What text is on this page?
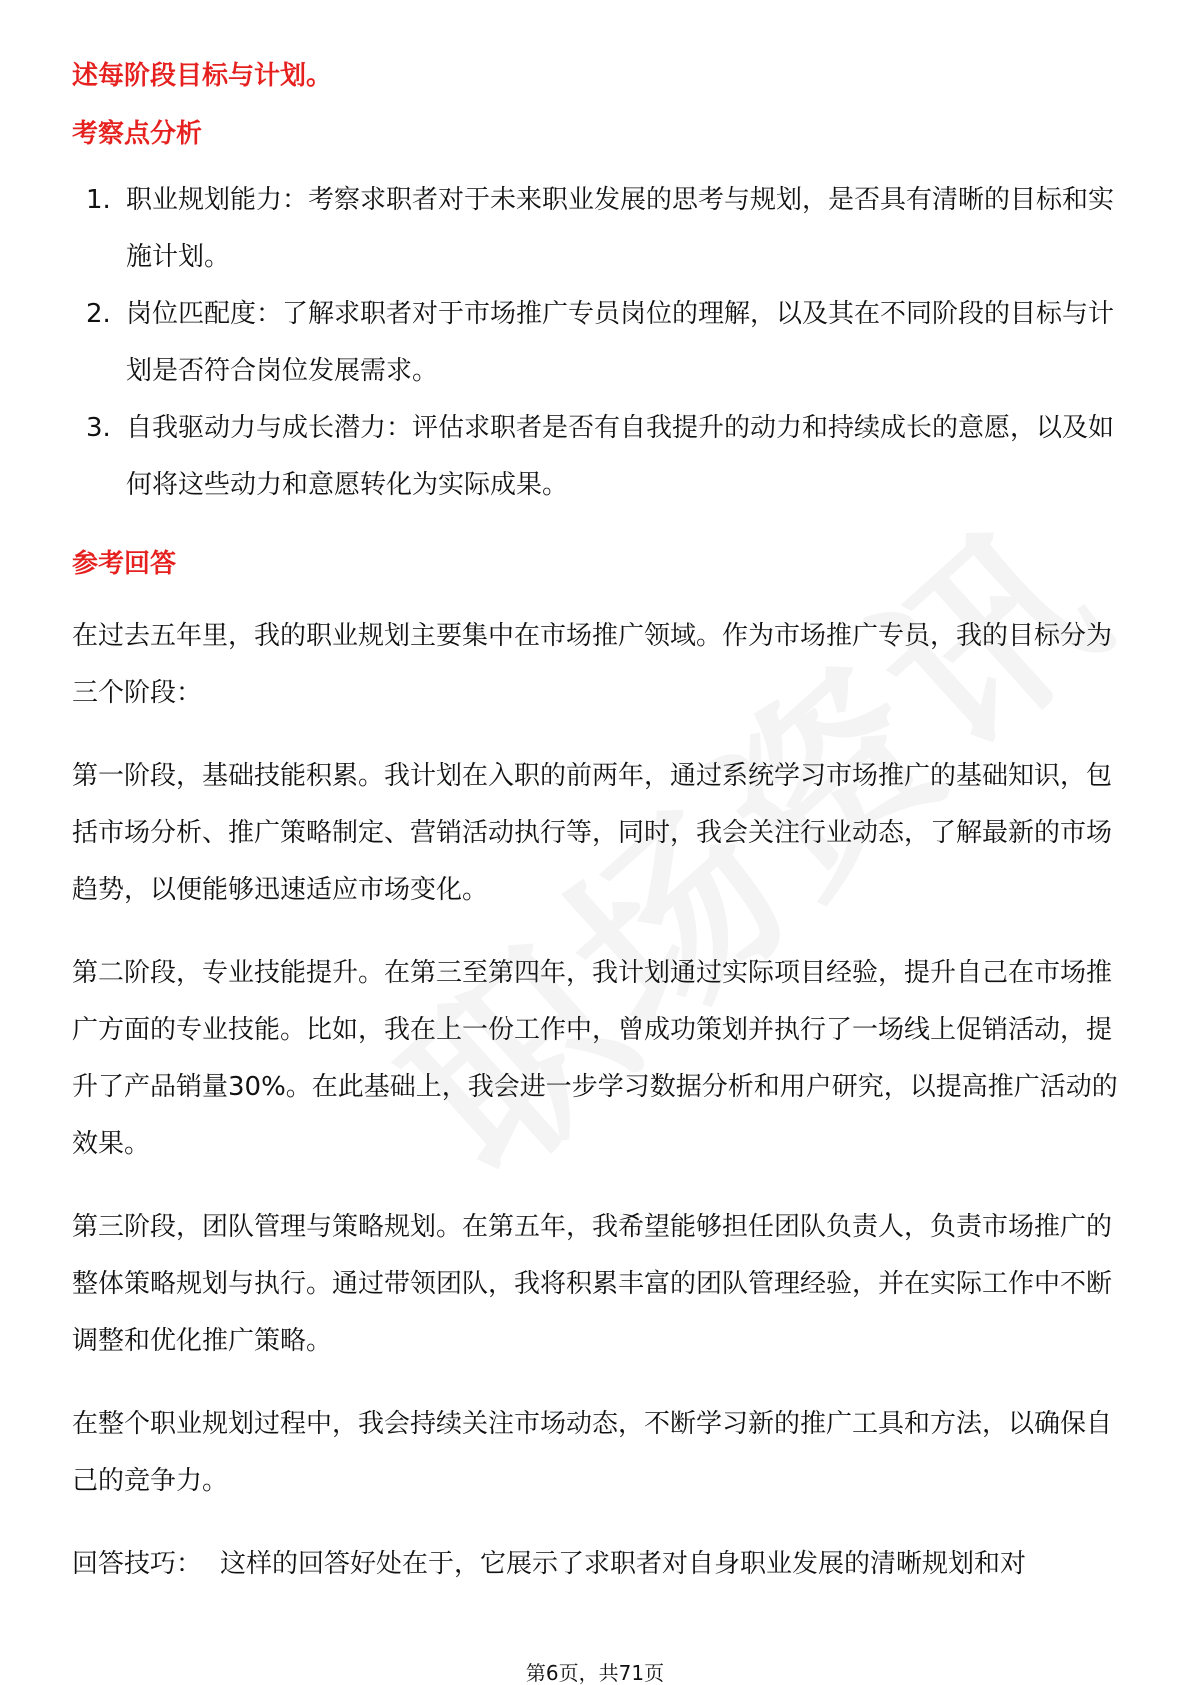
述每阶段目标与计划。
考察点分析
1. 职业规划能力：考察求职者对于未来职业发展的思考与规划，是否具有清晰的目标和实施计划。
2. 岗位匹配度：了解求职者对于市场推广专员岗位的理解，以及其在不同阶段的目标与计划是否符合岗位发展需求。
3. 自我驱动力与成长潜力：评估求职者是否有自我提升的动力和持续成长的意愿，以及如何将这些动力和意愿转化为实际成果。
参考回答

在过去五年里，我的职业规划主要集中在市场推广领域。作为市场推广专员，我的目标分为三个阶段：

第一阶段，基础技能积累。我计划在入职的前两年，通过系统学习市场推广的基础知识，包括市场分析、推广策略制定、营销活动执行等，同时，我会关注行业动态，了解最新的市场趋势，以便能够迅速适应市场变化。

第二阶段，专业技能提升。在第三至第四年，我计划通过实际项目经验，提升自己在市场推广方面的专业技能。比如，我在上一份工作中，曾成功策划并执行了一场线上促销活动，提升了产品销量30%。在此基础上，我会进一步学习数据分析和用户研究，以提高推广活动的效果。

第三阶段，团队管理与策略规划。在第五年，我希望能够担任团队负责人，负责市场推广的整体策略规划与执行。通过带领团队，我将积累丰富的团队管理经验，并在实际工作中不断调整和优化推广策略。

在整个职业规划过程中，我会持续关注市场动态，不断学习新的推广工具和方法，以确保自己的竞争力。

回答技巧： 这样的回答好处在于，它展示了求职者对自身职业发展的清晰规划和对

第6页，共71页
